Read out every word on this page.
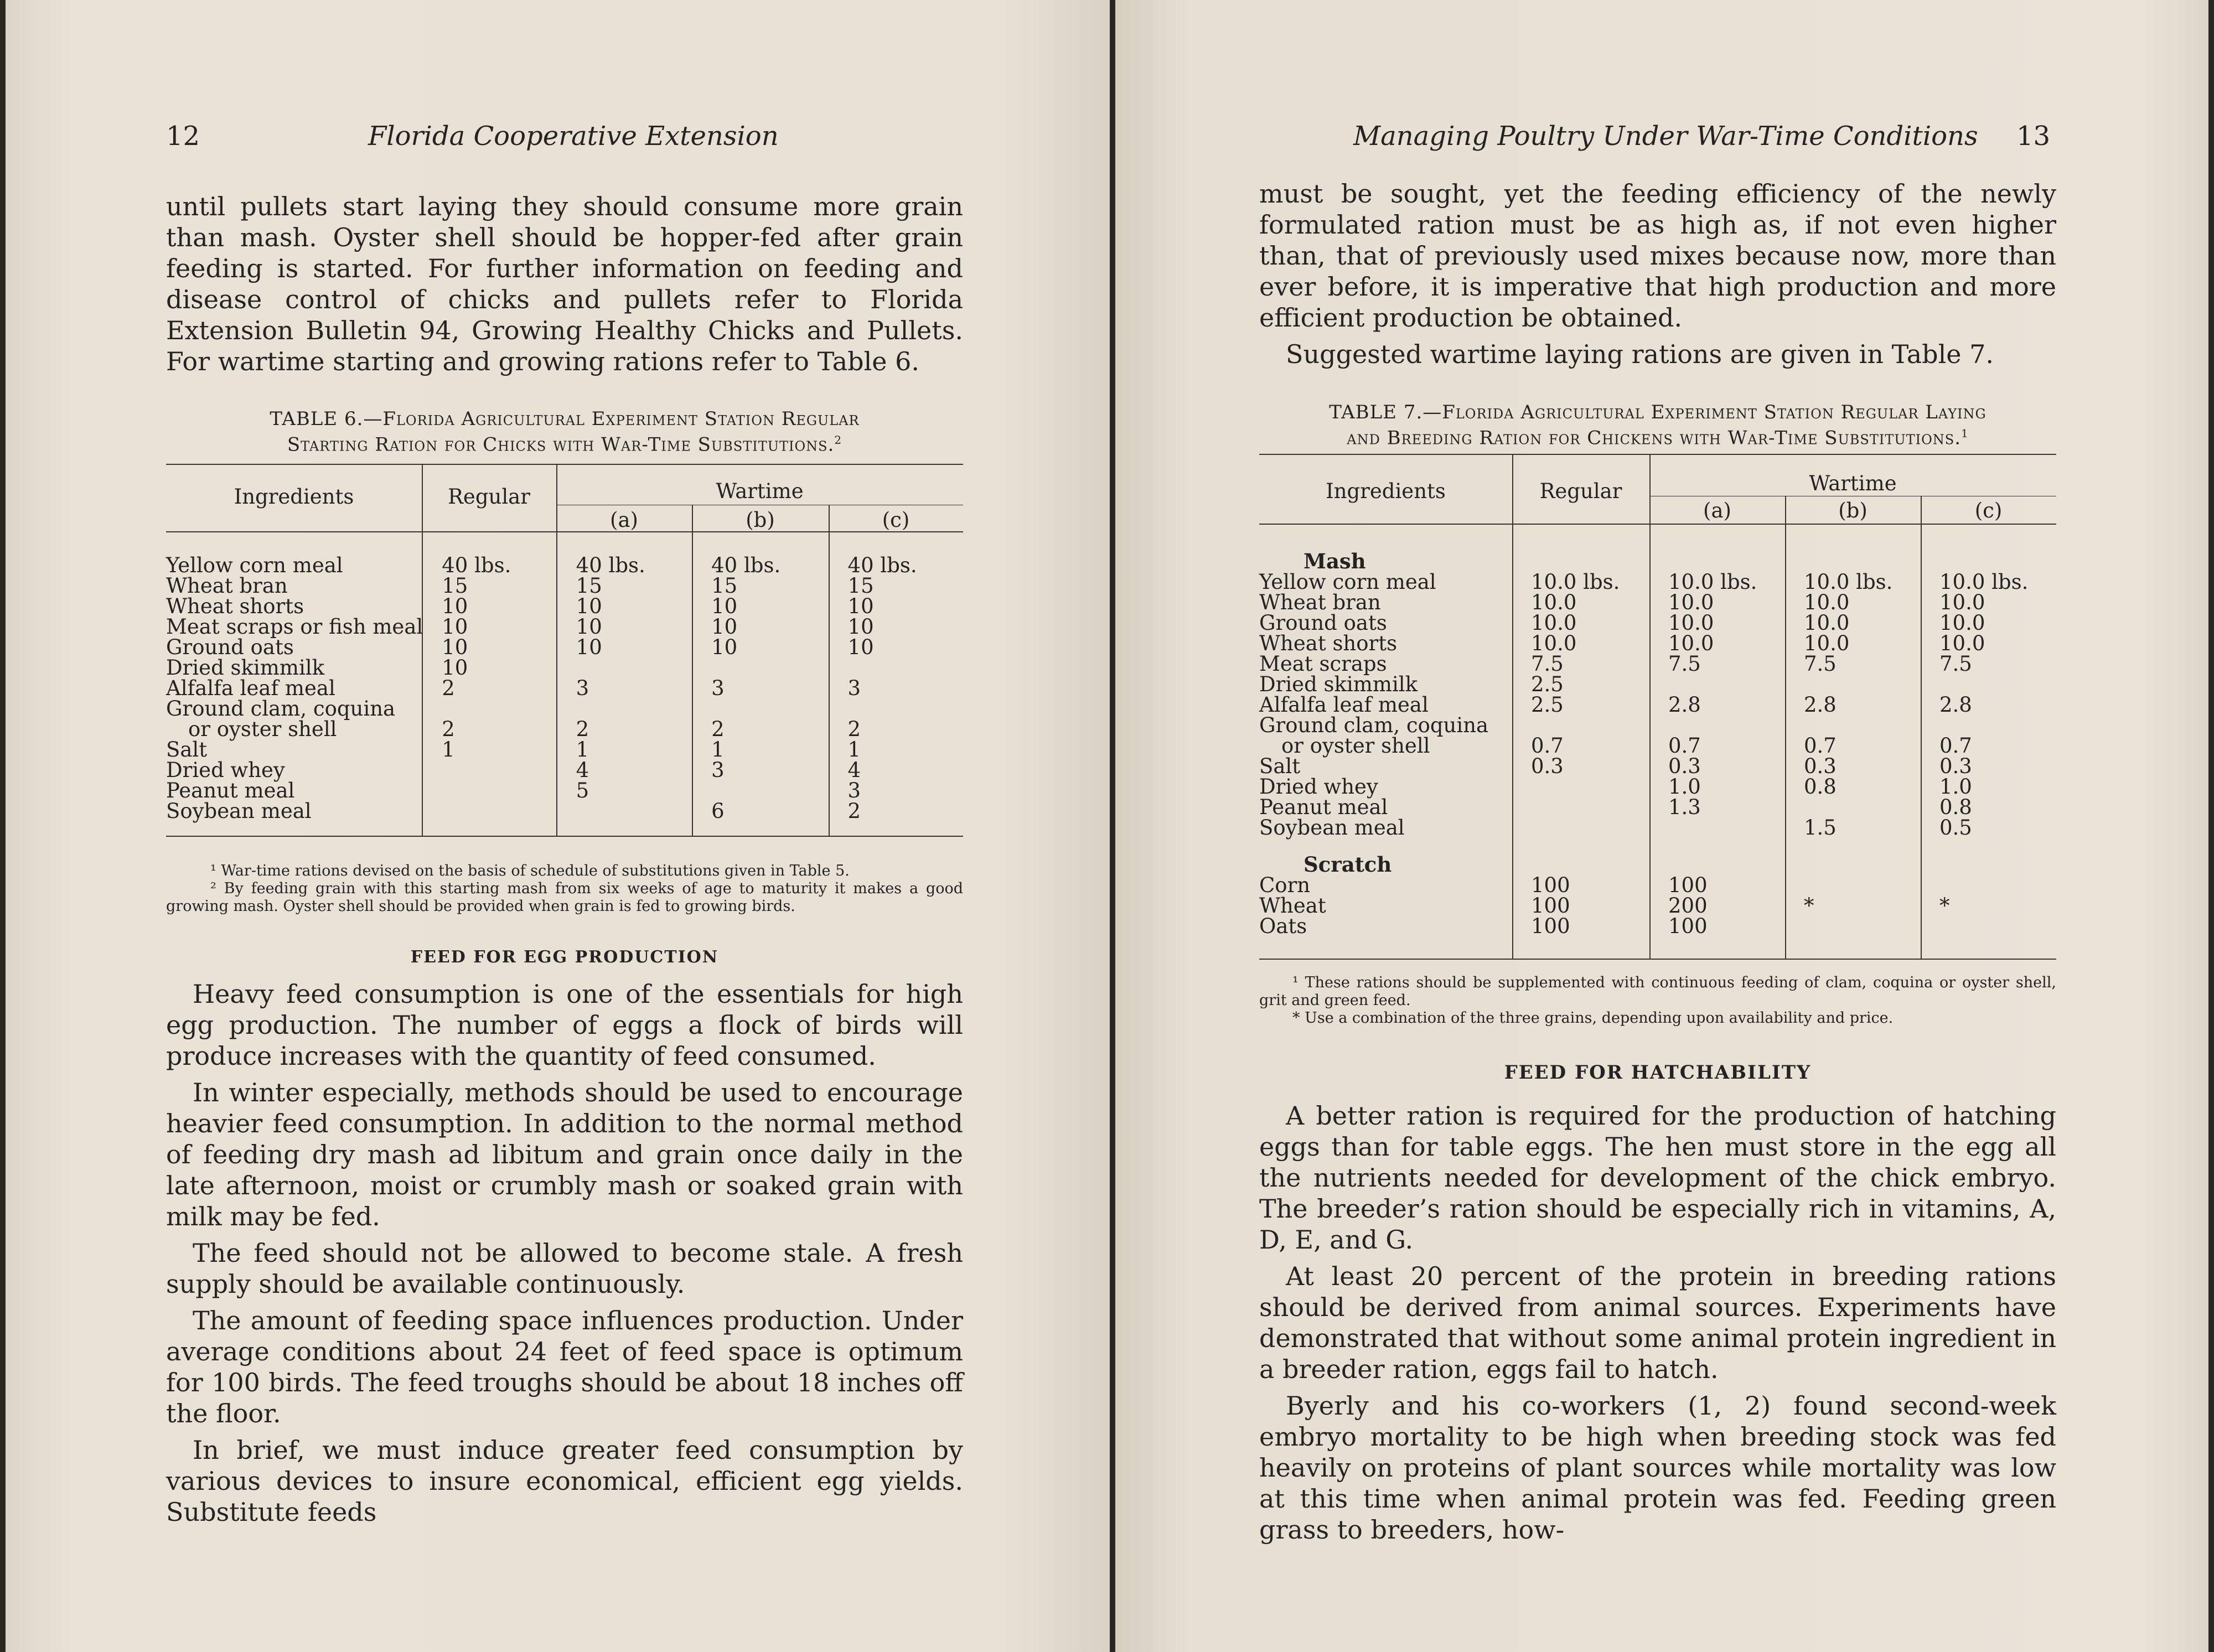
12	Florida Cooperative Extension
until pullets start laying they should consume more grain than mash. Oyster shell should be hopper-fed after grain feeding is started. For further information on feeding and disease control of chicks and pullets refer to Florida Extension Bulletin 94, Growing Healthy Chicks and Pullets. For wartime starting and growing rations refer to Table 6.
TABLE 6.—Florida Agricultural Experiment Station Regular
Starting Ration for Chicks with War-Time Substitutions.$^2$
Ingredients	Regular	Wartime
(a)	(b)	(c)
Yellow corn meal	40 lbs.	40 lbs.	40 lbs.	40 lbs.
Wheat bran	15	15	15	15
Wheat shorts	10	10	10	10
Meat scraps or fish meal	10	10	10	10
Ground oats	10	10	10	10
Dried skimmilk	10			
Alfalfa leaf meal	2	3	3	3
Ground clam, coquina				
or oyster shell	2	2	2	2
Salt	1	1	1	1
Dried whey		4	3	4
Peanut meal		5		3
Soybean meal			6	2

¹ War-time rations devised on the basis of schedule of substitutions given in Table 5.

² By feeding grain with this starting mash from six weeks of age to maturity it makes a good growing mash. Oyster shell should be provided when grain is fed to growing birds.

FEED FOR EGG PRODUCTION

Heavy feed consumption is one of the essentials for high egg production. The number of eggs a flock of birds will produce increases with the quantity of feed consumed.

In winter especially, methods should be used to encourage heavier feed consumption. In addition to the normal method of feeding dry mash ad libitum and grain once daily in the late afternoon, moist or crumbly mash or soaked grain with milk may be fed.

The feed should not be allowed to become stale. A fresh supply should be available continuously.

The amount of feeding space influences production. Under average conditions about 24 feet of feed space is optimum for 100 birds. The feed troughs should be about 18 inches off the floor.

In brief, we must induce greater feed consumption by various devices to insure economical, efficient egg yields. Substitute feeds

Managing Poultry Under War-Time Conditions 13

must be sought, yet the feeding efficiency of the newly formulated ration must be as high as, if not even higher than, that of previously used mixes because now, more than ever before, it is imperative that high production and more efficient production be obtained.

Suggested wartime laying rations are given in Table 7.

TABLE 7.—Florida Agricultural Experiment Station Regular Laying
and Breeding Ration for Chickens with War-Time Substitutions.$^1$
Ingredients	Regular	Wartime
(a)	(b)	(c)
Mash				
Yellow corn meal	10.0 lbs.	10.0 lbs.	10.0 lbs.	10.0 lbs.
Wheat bran	10.0	10.0	10.0	10.0
Ground oats	10.0	10.0	10.0	10.0
Wheat shorts	10.0	10.0	10.0	10.0
Meat scraps	7.5	7.5	7.5	7.5
Dried skimmilk	2.5			
Alfalfa leaf meal	2.5	2.8	2.8	2.8
Ground clam, coquina				
or oyster shell	0.7	0.7	0.7	0.7
Salt	0.3	0.3	0.3	0.3
Dried whey		1.0	0.8	1.0
Peanut meal		1.3		0.8
Soybean meal			1.5	0.5

Scratch				
Corn	100	100		
Wheat	100	200	*	*
Oats	100	100		

¹ These rations should be supplemented with continuous feeding of clam, coquina or oyster shell, grit and green feed.

* Use a combination of the three grains, depending upon availability and price.

FEED FOR HATCHABILITY

A better ration is required for the production of hatching eggs than for table eggs. The hen must store in the egg all the nutrients needed for development of the chick embryo. The breeder’s ration should be especially rich in vitamins, A, D, E, and G.

At least 20 percent of the protein in breeding rations should be derived from animal sources. Experiments have demonstrated that without some animal protein ingredient in a breeder ration, eggs fail to hatch.

Byerly and his co-workers (1, 2) found second-week embryo mortality to be high when breeding stock was fed heavily on proteins of plant sources while mortality was low at this time when animal protein was fed. Feeding green grass to breeders, how-
